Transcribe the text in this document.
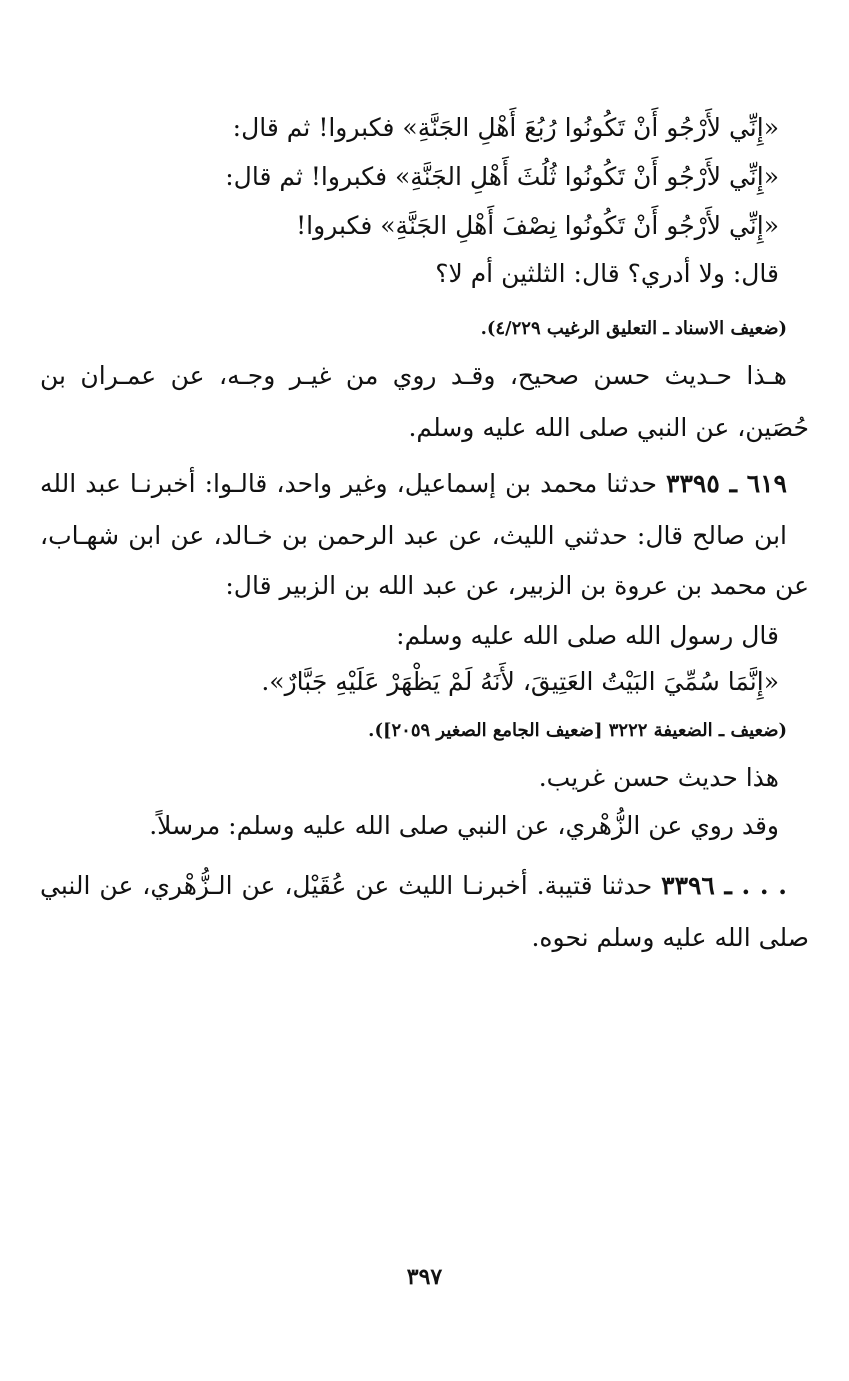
«إِنِّي لأَرْجُو أَنْ تَكُونُوا رُبُعَ أَهْلِ الجَنَّةِ» فكبروا! ثم قال:
«إِنِّي لأَرْجُو أَنْ تَكُونُوا ثُلُثَ أَهْلِ الجَنَّةِ» فكبروا! ثم قال:
«إِنِّي لأَرْجُو أَنْ تَكُونُوا نِصْفَ أَهْلِ الجَنَّةِ» فكبروا!
قال: ولا أدري؟ قال: الثلثين أم لا؟
(ضعيف الاسناد ـ التعليق الرغيب ٤/٢٢٩).
هـذا حـديث حسن صحيح، وقـد روي من غيـر وجـه، عن عمـران بن
حُصَين، عن النبي صلى الله عليه وسلم.
٦١٩ ـ ٣٣٩٥ حدثنا محمد بن إسماعيل، وغير واحد، قالـوا: أخبرنـا عبد الله
ابن صالح قال: حدثني الليث، عن عبد الرحمن بن خـالد، عن ابن شهـاب،
عن محمد بن عروة بن الزبير، عن عبد الله بن الزبير قال:
قال رسول الله صلى الله عليه وسلم:
«إِنَّمَا سُمِّيَ البَيْتُ العَتِيقَ، لأَنَهُ لَمْ يَظْهَرْ عَلَيْهِ جَبَّارٌ».
(ضعيف ـ الضعيفة ٣٢٢٢ [ضعيف الجامع الصغير ٢٠٥٩]).
هذا حديث حسن غريب.
وقد روي عن الزُّهْري، عن النبي صلى الله عليه وسلم: مرسلاً.
. . . ـ ٣٣٩٦ حدثنا قتيبة. أخبرنـا الليث عن عُقَيْل، عن الـزُّهْري، عن النبي
صلى الله عليه وسلم نحوه.
٣٩٧
